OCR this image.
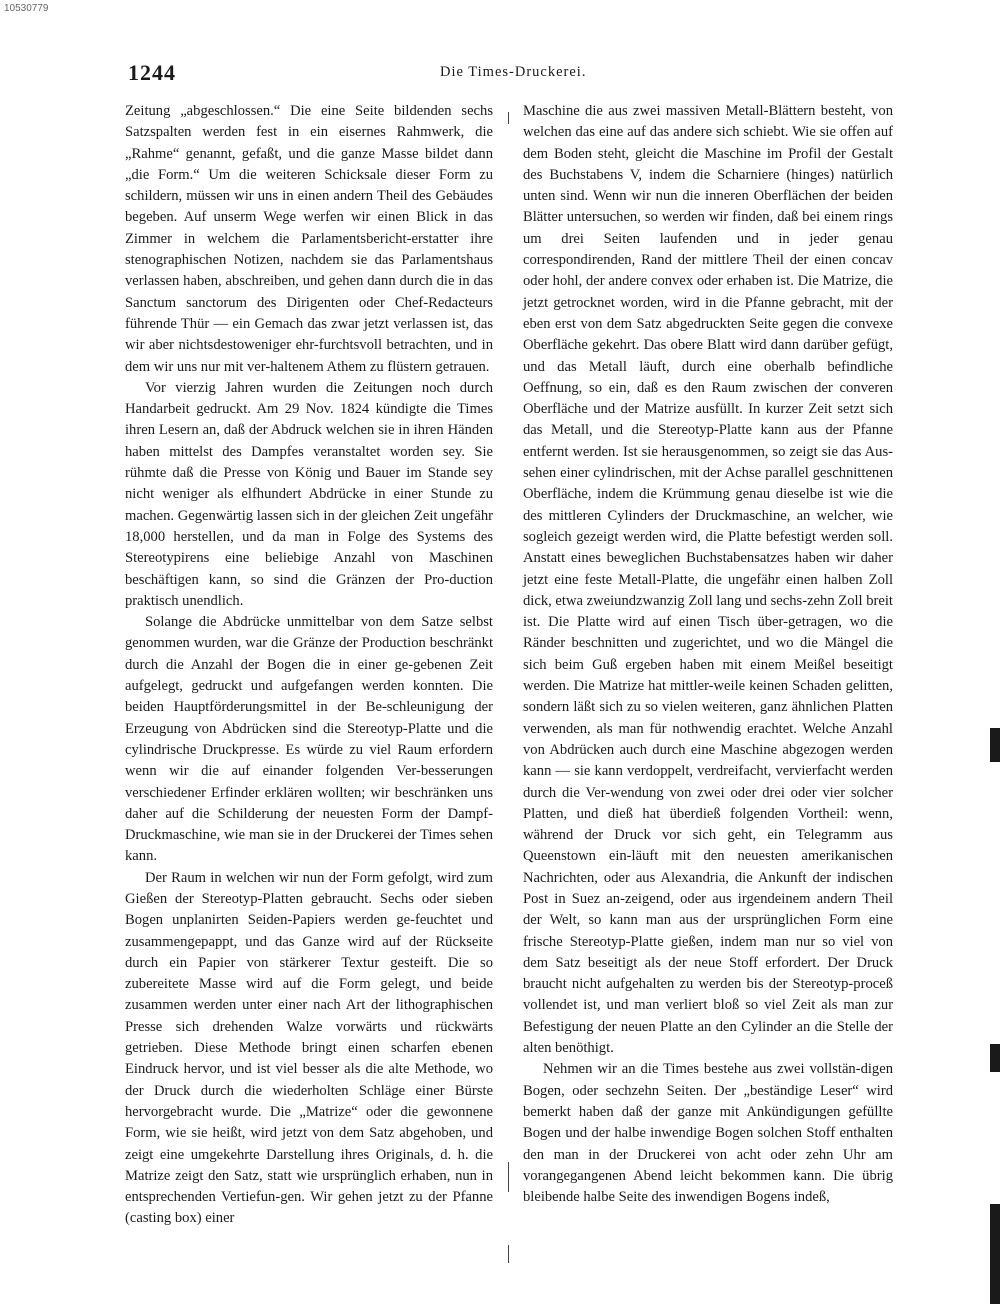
10530779
1244	Die Times-Druckerei.

Zeitung „abgeschlossen.“ Die eine Seite bildenden sechs Satzspalten werden fest in ein eisernes Rahmwerk, die „Rahme“ genannt, gefaßt, und die ganze Masse bildet dann „die Form.“ Um die weiteren Schicksale dieser Form zu schildern, müssen wir uns in einen andern Theil des Gebäudes begeben. Auf unserm Wege werfen wir einen Blick in das Zimmer in welchem die Parlamentsbericht-erstatter ihre stenographischen Notizen, nachdem sie das Parlamentshaus verlassen haben, abschreiben, und gehen dann durch die in das Sanctum sanctorum des Dirigenten oder Chef-Redacteurs führende Thür — ein Gemach das zwar jetzt verlassen ist, das wir aber nichtsdestoweniger ehr-furchtsvoll betrachten, und in dem wir uns nur mit ver-haltenem Athem zu flüstern getrauen.

Vor vierzig Jahren wurden die Zeitungen noch durch Handarbeit gedruckt. Am 29 Nov. 1824 kündigte die Times ihren Lesern an, daß der Abdruck welchen sie in ihren Händen haben mittelst des Dampfes veranstaltet worden sey. Sie rühmte daß die Presse von König und Bauer im Stande sey nicht weniger als elfhundert Abdrücke in einer Stunde zu machen. Gegenwärtig lassen sich in der gleichen Zeit ungefähr 18,000 herstellen, und da man in Folge des Systems des Stereotypirens eine beliebige Anzahl von Maschinen beschäftigen kann, so sind die Gränzen der Pro-duction praktisch unendlich.

Solange die Abdrücke unmittelbar von dem Satze selbst genommen wurden, war die Gränze der Production beschränkt durch die Anzahl der Bogen die in einer ge-gebenen Zeit aufgelegt, gedruckt und aufgefangen werden konnten. Die beiden Hauptförderungsmittel in der Be-schleunigung der Erzeugung von Abdrücken sind die Stereotyp-Platte und die cylindrische Druckpresse. Es würde zu viel Raum erfordern wenn wir die auf einander folgenden Ver-besserungen verschiedener Erfinder erklären wollten; wir beschränken uns daher auf die Schilderung der neuesten Form der Dampf-Druckmaschine, wie man sie in der Druckerei der Times sehen kann.

Der Raum in welchen wir nun der Form gefolgt, wird zum Gießen der Stereotyp-Platten gebraucht. Sechs oder sieben Bogen unplanirten Seiden-Papiers werden ge-feuchtet und zusammengepappt, und das Ganze wird auf der Rückseite durch ein Papier von stärkerer Textur gesteift. Die so zubereitete Masse wird auf die Form gelegt, und beide zusammen werden unter einer nach Art der lithographischen Presse sich drehenden Walze vorwärts und rückwärts getrieben. Diese Methode bringt einen scharfen ebenen Eindruck hervor, und ist viel besser als die alte Methode, wo der Druck durch die wiederholten Schläge einer Bürste hervorgebracht wurde. Die „Matrize“ oder die gewonnene Form, wie sie heißt, wird jetzt von dem Satz abgehoben, und zeigt eine umgekehrte Darstellung ihres Originals, d. h. die Matrize zeigt den Satz, statt wie ursprünglich erhaben, nun in entsprechenden Vertiefun-gen. Wir gehen jetzt zu der Pfanne (casting box) einer

Maschine die aus zwei massiven Metall-Blättern besteht, von welchen das eine auf das andere sich schiebt. Wie sie offen auf dem Boden steht, gleicht die Maschine im Profil der Gestalt des Buchstabens V, indem die Scharniere (hinges) natürlich unten sind. Wenn wir nun die inneren Oberflächen der beiden Blätter untersuchen, so werden wir finden, daß bei einem rings um drei Seiten laufenden und in jeder genau correspondirenden, Rand der mittlere Theil der einen concav oder hohl, der andere convex oder erhaben ist. Die Matrize, die jetzt getrocknet worden, wird in die Pfanne gebracht, mit der eben erst von dem Satz abgedruckten Seite gegen die convexe Oberfläche gekehrt. Das obere Blatt wird dann darüber gefügt, und das Metall läuft, durch eine oberhalb befindliche Oeffnung, so ein, daß es den Raum zwischen der converen Oberfläche und der Matrize ausfüllt. In kurzer Zeit setzt sich das Metall, und die Stereotyp-Platte kann aus der Pfanne entfernt werden. Ist sie herausgenommen, so zeigt sie das Aus-sehen einer cylindrischen, mit der Achse parallel geschnittenen Oberfläche, indem die Krümmung genau dieselbe ist wie die des mittleren Cylinders der Druckmaschine, an welcher, wie sogleich gezeigt werden wird, die Platte befestigt werden soll. Anstatt eines beweglichen Buchstabensatzes haben wir daher jetzt eine feste Metall-Platte, die ungefähr einen halben Zoll dick, etwa zweiundzwanzig Zoll lang und sechs-zehn Zoll breit ist. Die Platte wird auf einen Tisch über-getragen, wo die Ränder beschnitten und zugerichtet, und wo die Mängel die sich beim Guß ergeben haben mit einem Meißel beseitigt werden. Die Matrize hat mittler-weile keinen Schaden gelitten, sondern läßt sich zu so vielen weiteren, ganz ähnlichen Platten verwenden, als man für nothwendig erachtet. Welche Anzahl von Abdrücken auch durch eine Maschine abgezogen werden kann — sie kann verdoppelt, verdreifacht, vervierfacht werden durch die Ver-wendung von zwei oder drei oder vier solcher Platten, und dieß hat überdieß folgenden Vortheil: wenn, während der Druck vor sich geht, ein Telegramm aus Queenstown ein-läuft mit den neuesten amerikanischen Nachrichten, oder aus Alexandria, die Ankunft der indischen Post in Suez an-zeigend, oder aus irgendeinem andern Theil der Welt, so kann man aus der ursprünglichen Form eine frische Stereotyp-Platte gießen, indem man nur so viel von dem Satz beseitigt als der neue Stoff erfordert. Der Druck braucht nicht aufgehalten zu werden bis der Stereotyp-proceß vollendet ist, und man verliert bloß so viel Zeit als man zur Befestigung der neuen Platte an den Cylinder an die Stelle der alten benöthigt.

Nehmen wir an die Times bestehe aus zwei vollstän-digen Bogen, oder sechzehn Seiten. Der „beständige Leser“ wird bemerkt haben daß der ganze mit Ankündigungen gefüllte Bogen und der halbe inwendige Bogen solchen Stoff enthalten den man in der Druckerei von acht oder zehn Uhr am vorangegangenen Abend leicht bekommen kann. Die übrig bleibende halbe Seite des inwendigen Bogens indeß,
